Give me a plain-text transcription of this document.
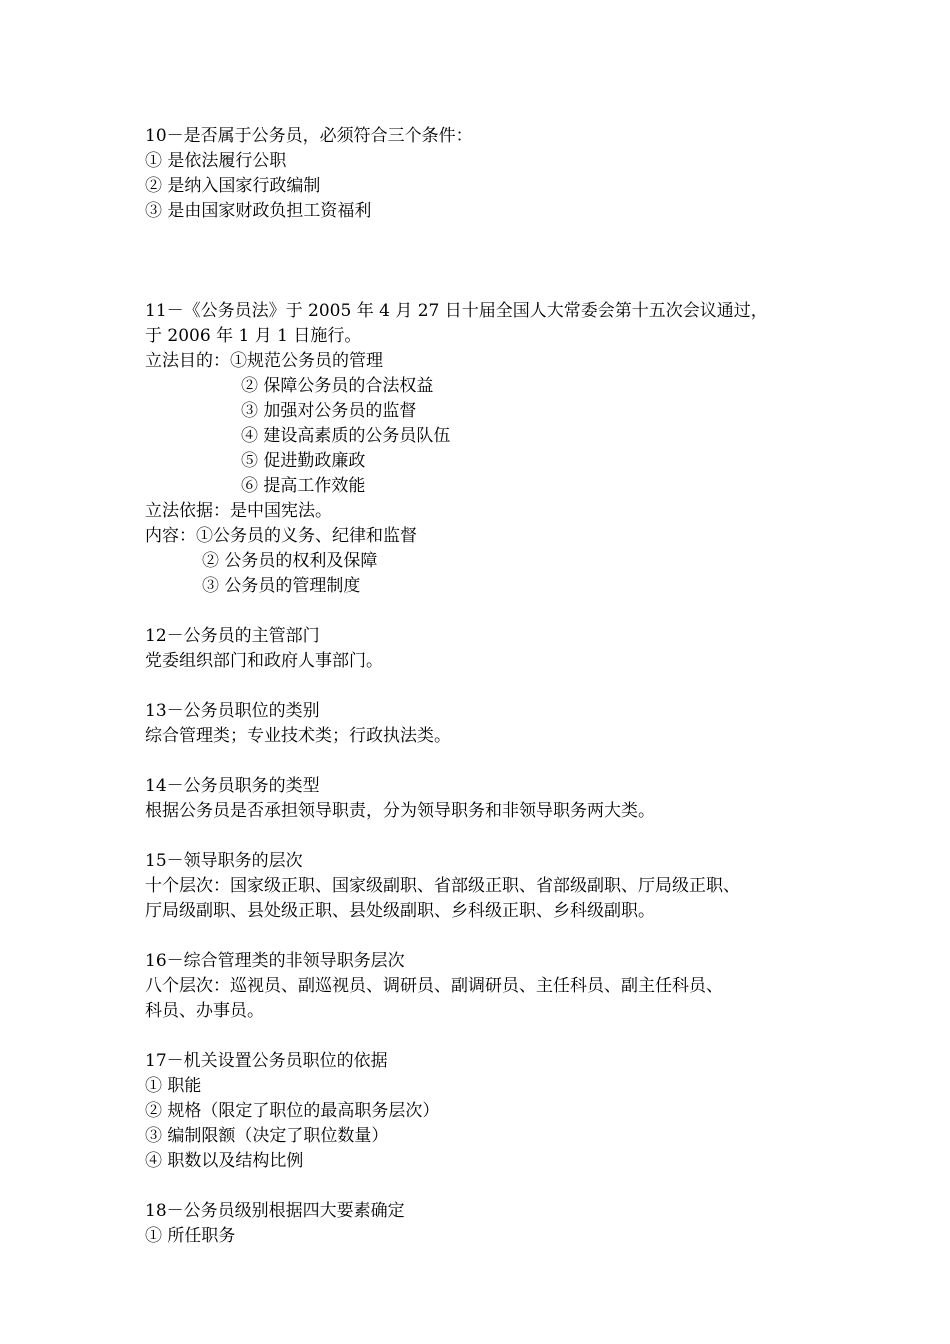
10－是否属于公务员，必须符合三个条件：
① 是依法履行公职
② 是纳入国家行政编制
③ 是由国家财政负担工资福利
11－《公务员法》于 2005 年 4 月 27 日十届全国人大常委会第十五次会议通过，
于 2006 年 1 月 1 日施行。
立法目的：①规范公务员的管理
② 保障公务员的合法权益
③ 加强对公务员的监督
④ 建设高素质的公务员队伍
⑤ 促进勤政廉政
⑥ 提高工作效能
立法依据：是中国宪法。
内容：①公务员的义务、纪律和监督
② 公务员的权利及保障
③ 公务员的管理制度
12－公务员的主管部门
党委组织部门和政府人事部门。
13－公务员职位的类别
综合管理类；专业技术类；行政执法类。
14－公务员职务的类型
根据公务员是否承担领导职责，分为领导职务和非领导职务两大类。
15－领导职务的层次
十个层次：国家级正职、国家级副职、省部级正职、省部级副职、厅局级正职、
厅局级副职、县处级正职、县处级副职、乡科级正职、乡科级副职。
16－综合管理类的非领导职务层次
八个层次：巡视员、副巡视员、调研员、副调研员、主任科员、副主任科员、
科员、办事员。
17－机关设置公务员职位的依据
① 职能
② 规格（限定了职位的最高职务层次）
③ 编制限额（决定了职位数量）
④ 职数以及结构比例
18－公务员级别根据四大要素确定
① 所任职务
